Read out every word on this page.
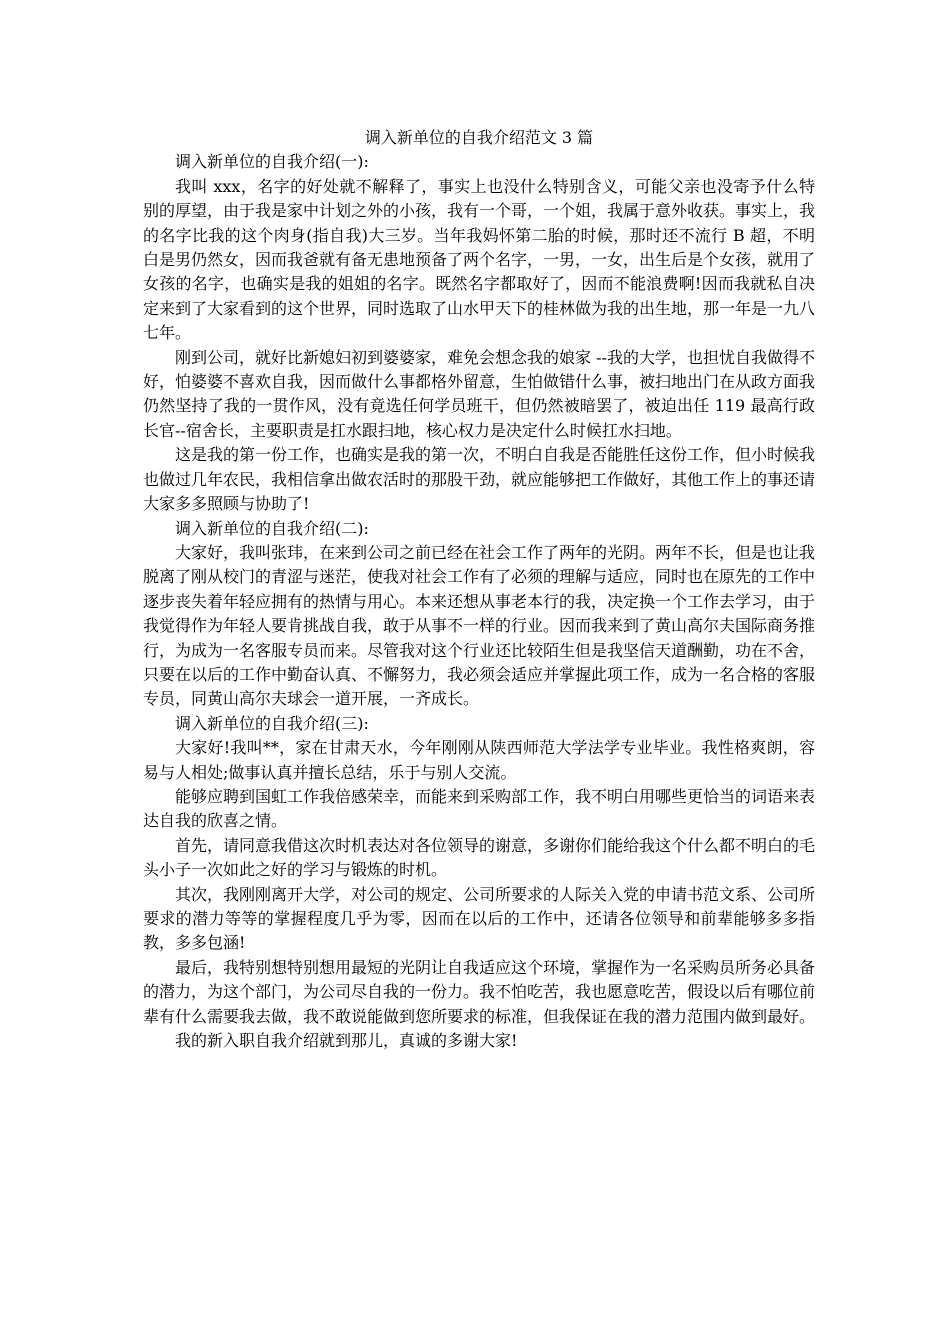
调入新单位的自我介绍范文 3 篇

调入新单位的自我介绍(一):

我叫 xxx，名字的好处就不解释了，事实上也没什么特别含义，可能父亲也没寄予什么特别的厚望，由于我是家中计划之外的小孩，我有一个哥，一个姐，我属于意外收获。事实上，我的名字比我的这个肉身(指自我)大三岁。当年我妈怀第二胎的时候，那时还不流行 B 超，不明白是男仍然女，因而我爸就有备无患地预备了两个名字，一男，一女，出生后是个女孩，就用了女孩的名字，也确实是我的姐姐的名字。既然名字都取好了，因而不能浪费啊!因而我就私自决定来到了大家看到的这个世界，同时选取了山水甲天下的桂林做为我的出生地，那一年是一九八七年。

刚到公司，就好比新媳妇初到婆婆家，难免会想念我的娘家 --我的大学，也担忧自我做得不好，怕婆婆不喜欢自我，因而做什么事都格外留意，生怕做错什么事，被扫地出门在从政方面我仍然坚持了我的一贯作风，没有竟选任何学员班干，但仍然被暗罢了，被迫出任 119 最高行政长官--宿舍长，主要职责是扛水跟扫地，核心权力是决定什么时候扛水扫地。

这是我的第一份工作，也确实是我的第一次，不明白自我是否能胜任这份工作，但小时候我也做过几年农民，我相信拿出做农活时的那股干劲，就应能够把工作做好，其他工作上的事还请大家多多照顾与协助了!

调入新单位的自我介绍(二):

大家好，我叫张玮，在来到公司之前已经在社会工作了两年的光阴。两年不长，但是也让我脱离了刚从校门的青涩与迷茫，使我对社会工作有了必须的理解与适应，同时也在原先的工作中逐步丧失着年轻应拥有的热情与用心。本来还想从事老本行的我，决定换一个工作去学习，由于我觉得作为年轻人要肯挑战自我，敢于从事不一样的行业。因而我来到了黄山高尔夫国际商务推行，为成为一名客服专员而来。尽管我对这个行业还比较陌生但是我坚信天道酬勤，功在不舍，只要在以后的工作中勤奋认真、不懈努力，我必须会适应并掌握此项工作，成为一名合格的客服专员，同黄山高尔夫球会一道开展，一齐成长。

调入新单位的自我介绍(三):

大家好!我叫**，家在甘肃天水，今年刚刚从陕西师范大学法学专业毕业。我性格爽朗，容易与人相处;做事认真并擅长总结，乐于与别人交流。

能够应聘到国虹工作我倍感荣幸，而能来到采购部工作，我不明白用哪些更恰当的词语来表达自我的欣喜之情。

首先，请同意我借这次时机表达对各位领导的谢意，多谢你们能给我这个什么都不明白的毛头小子一次如此之好的学习与锻炼的时机。

其次，我刚刚离开大学，对公司的规定、公司所要求的人际关入党的申请书范文系、公司所要求的潜力等等的掌握程度几乎为零，因而在以后的工作中，还请各位领导和前辈能够多多指教，多多包涵!

最后，我特别想特别想用最短的光阴让自我适应这个环境，掌握作为一名采购员所务必具备的潜力，为这个部门，为公司尽自我的一份力。我不怕吃苦，我也愿意吃苦，假设以后有哪位前辈有什么需要我去做，我不敢说能做到您所要求的标准，但我保证在我的潜力范围内做到最好。

我的新入职自我介绍就到那儿，真诚的多谢大家!
